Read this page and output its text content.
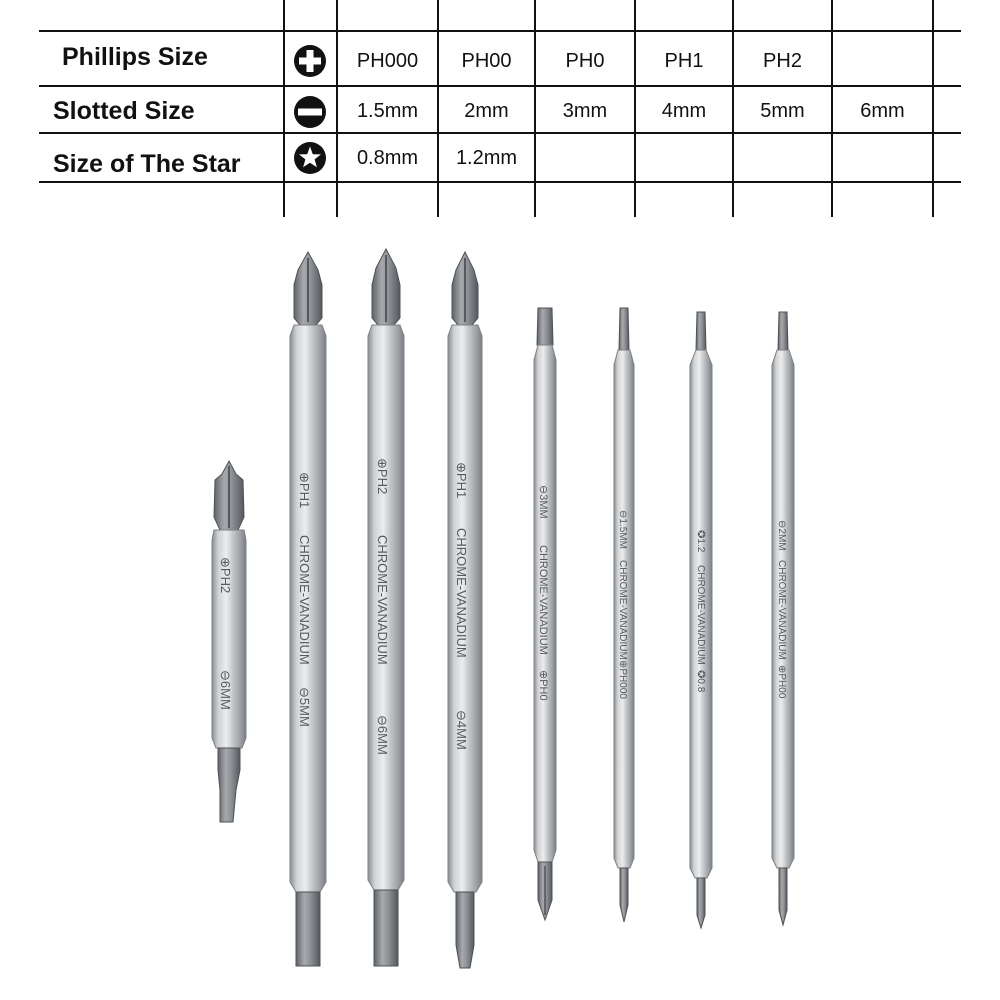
Phillips Size	PH000	PH00	PH0	PH1	PH2
Slotted Size	1.5mm	2mm	3mm	4mm	5mm	6mm
Size of The Star	0.8mm	1.2mm
⊕PH2
⊖6MM
⊕PH1
CHROME-VANADIUM
⊖5MM
⊕PH2
CHROME-VANADIUM
⊖6MM
⊕PH1
CHROME-VANADIUM
⊖4MM
⊖3MM
CHROME-VANADIUM
⊕PH0
⊖1.5MM
CHROME-VANADIUM
⊕PH000
✪1.2
CHROME-VANADIUM
✪0.8
⊖2MM
CHROME-VANADIUM
⊕PH00
